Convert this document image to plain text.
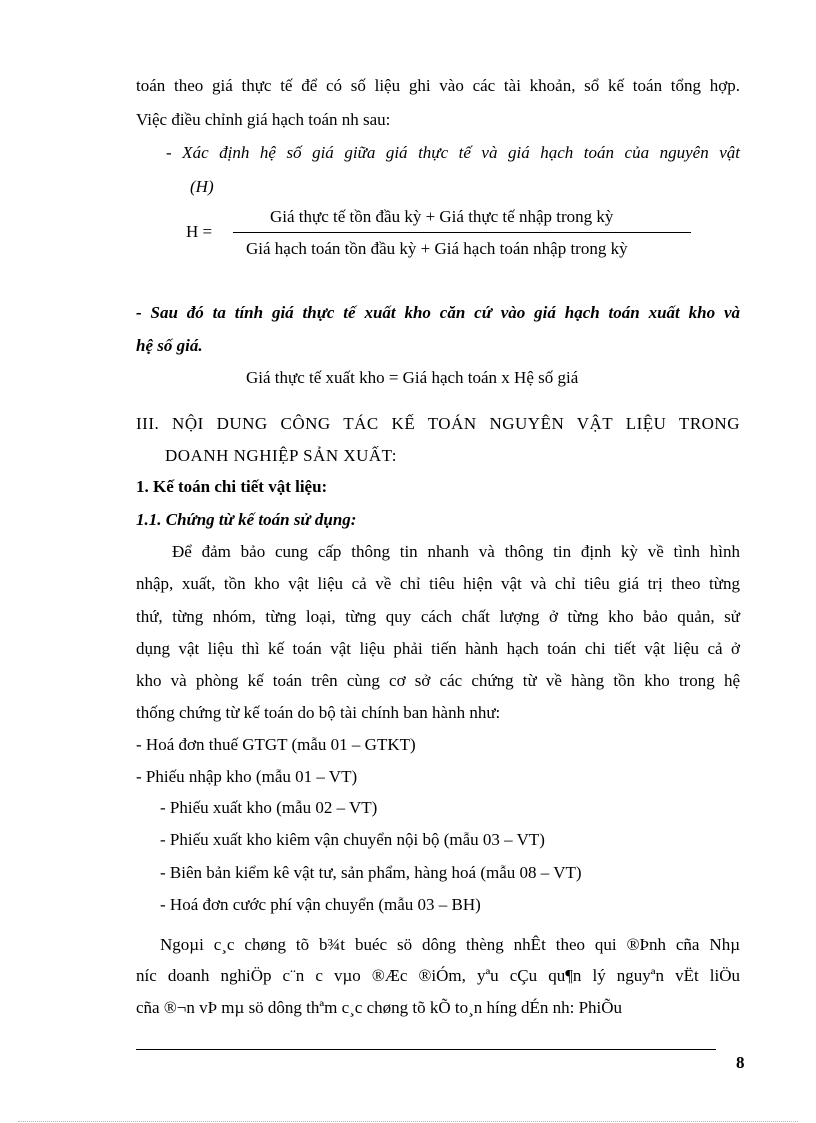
toán theo giá thực tế để có số liệu ghi vào các tài khoản, sổ kế toán tổng hợp.
Việc điều chỉnh giá hạch toán nh sau:
- Xác định hệ số giá giữa giá thực tế và giá hạch toán của nguyên vật
(H)
Giá thực tế tồn đầu kỳ + Giá thực tế nhập trong kỳ
H =
Giá hạch toán tồn đầu kỳ + Giá hạch toán nhập trong kỳ
- Sau đó ta tính giá thực tế xuất kho căn cứ vào giá hạch toán xuất kho và
hệ số giá.
Giá thực tế xuất kho = Giá hạch toán x Hệ số giá
III. NỘI DUNG CÔNG TÁC KẾ TOÁN NGUYÊN VẬT LIỆU TRONG
DOANH NGHIỆP SẢN XUẤT:
1. Kế toán chi tiết vật liệu:
1.1. Chứng từ kế toán sử dụng:
Để đảm bảo cung cấp thông tin nhanh và thông tin định kỳ về tình hình
nhập, xuất, tồn kho vật liệu cả về chỉ tiêu hiện vật và chỉ tiêu giá trị theo từng
thứ, từng nhóm, từng loại, từng quy cách chất lượng ở từng kho bảo quản, sử
dụng vật liệu thì kế toán vật liệu phải tiến hành hạch toán chi tiết vật liệu cả ở
kho và phòng kế toán trên cùng cơ sở các chứng từ về hàng tồn kho trong hệ
thống chứng từ kế toán do bộ tài chính ban hành như:
- Hoá đơn thuế GTGT (mẫu 01 – GTKT)
- Phiếu nhập kho (mẫu 01 – VT)
- Phiếu xuất kho (mẫu 02 – VT)
- Phiếu xuất kho kiêm vận chuyển nội bộ (mẫu 03 – VT)
- Biên bản kiểm kê vật tư, sản phẩm, hàng hoá (mẫu 08 – VT)
- Hoá đơn cước phí vận chuyển (mẫu 03 – BH)
Ngoµi c¸c chøng tõ b¾t buéc sö dông thèng nhÊt theo qui ®Þnh cña Nhµ
níc doanh nghiÖp c¨n c vµo ®Æc ®iÓm, yªu cÇu qu¶n lý nguyªn vËt liÖu
cña ®¬n vÞ mµ sö dông thªm c¸c chøng tõ kÕ to¸n híng dÉn nh: PhiÕu
8
